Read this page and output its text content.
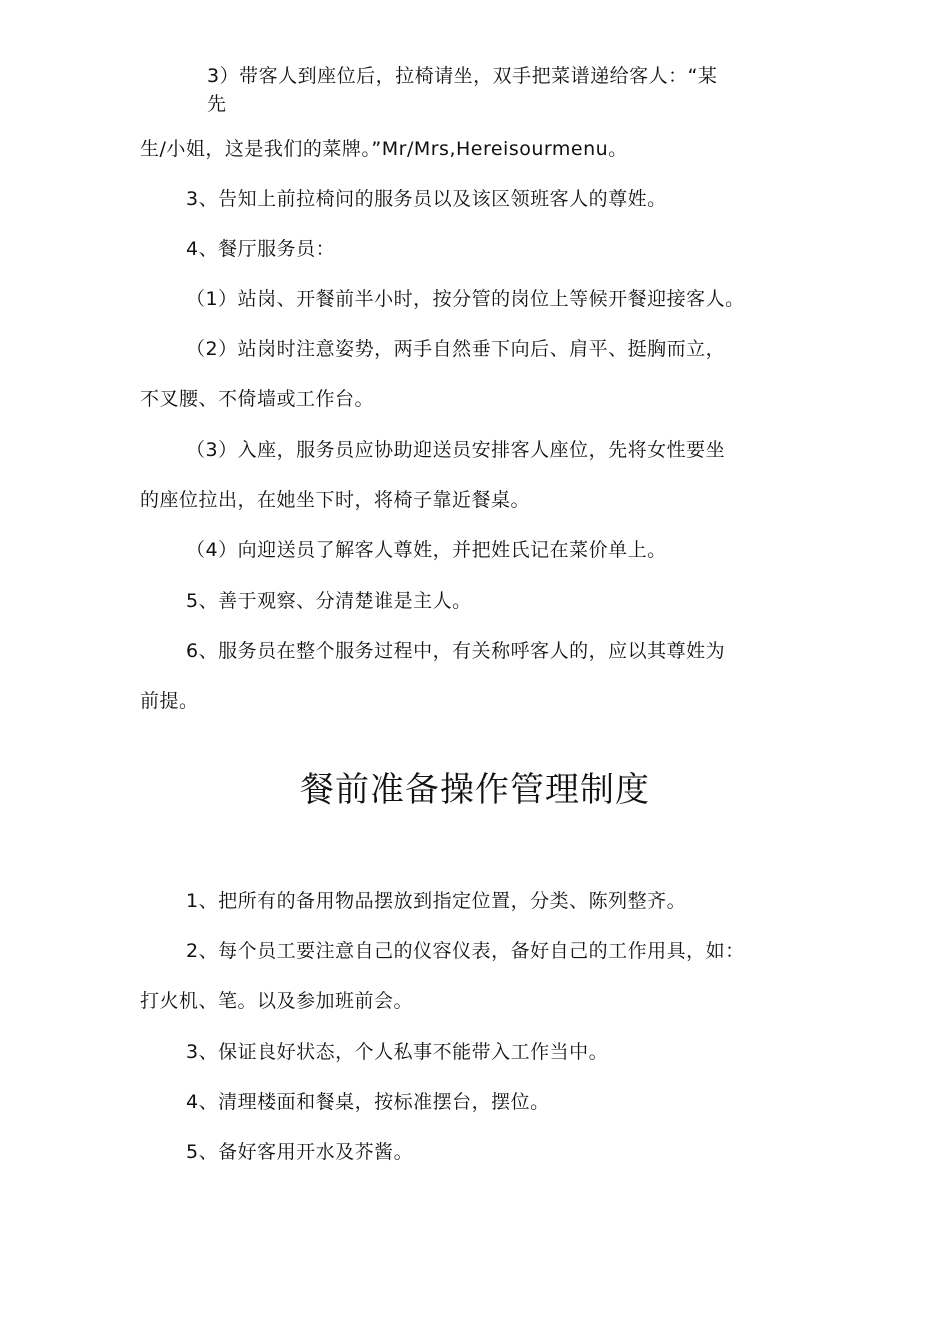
3）带客人到座位后，拉椅请坐，双手把菜谱递给客人：“某
先
生/小姐，这是我们的菜牌。”Mr/Mrs,Hereisourmenu。
3、告知上前拉椅问的服务员以及该区领班客人的尊姓。
4、餐厅服务员：
（1）站岗、开餐前半小时，按分管的岗位上等候开餐迎接客人。
（2）站岗时注意姿势，两手自然垂下向后、肩平、挺胸而立，
不叉腰、不倚墙或工作台。
（3）入座，服务员应协助迎送员安排客人座位，先将女性要坐
的座位拉出，在她坐下时，将椅子靠近餐桌。
（4）向迎送员了解客人尊姓，并把姓氏记在菜价单上。
5、善于观察、分清楚谁是主人。
6、服务员在整个服务过程中，有关称呼客人的，应以其尊姓为
前提。
餐前准备操作管理制度
1、把所有的备用物品摆放到指定位置，分类、陈列整齐。
2、每个员工要注意自己的仪容仪表，备好自己的工作用具，如：
打火机、笔。以及参加班前会。
3、保证良好状态，个人私事不能带入工作当中。
4、清理楼面和餐桌，按标准摆台，摆位。
5、备好客用开水及芥酱。
